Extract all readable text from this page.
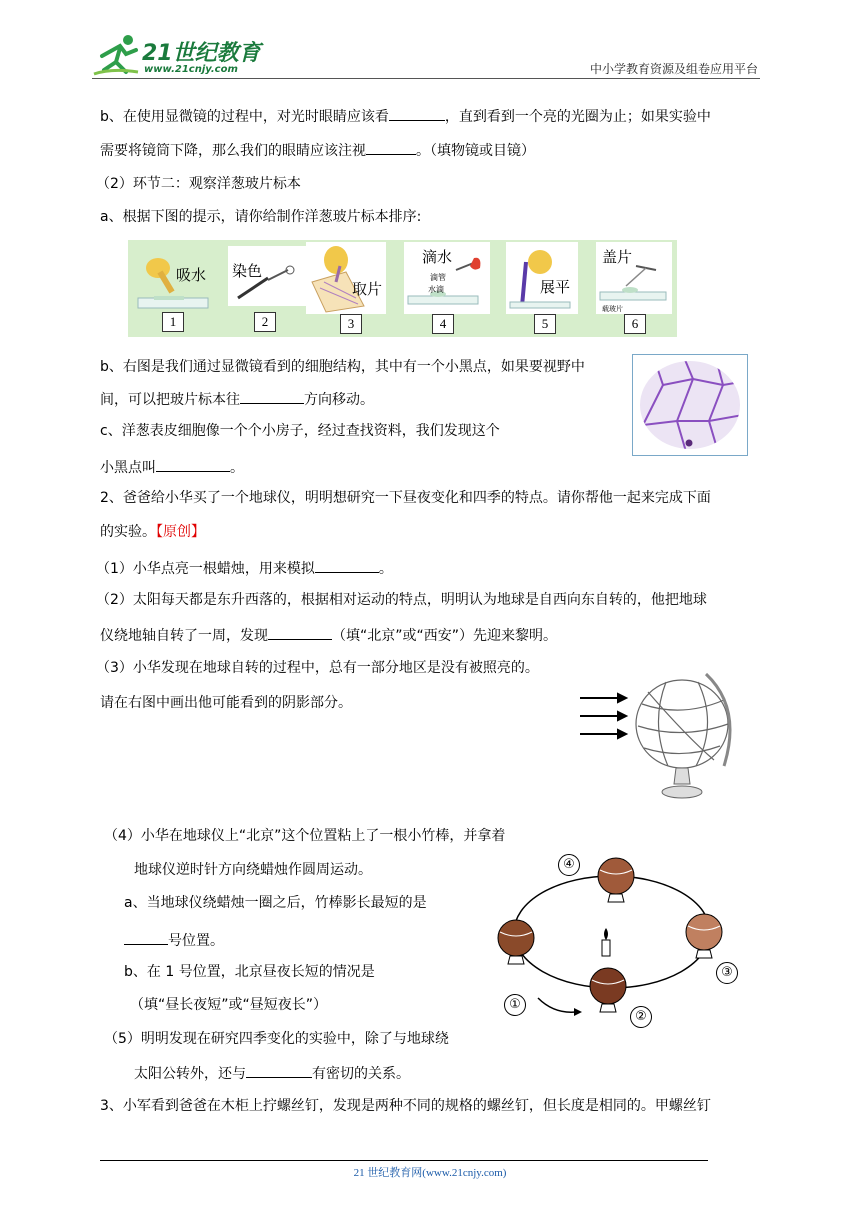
21世纪教育
www.21cnjy.com	中小学教育资源及组卷应用平台
b、在使用显微镜的过程中，对光时眼睛应该看	，直到看到一个亮的光圈为止；如果实验中
需要将镜筒下降，那么我们的眼睛应该注视	。（填物镜或目镜）
（2）环节二：观察洋葱玻片标本
a、根据下图的提示，请你给制作洋葱玻片标本排序:
吸水
1
染色
2
取片
3
滴水
滴管
水滴
4
展平
5
盖片
载玻片
6
b、右图是我们通过显微镜看到的细胞结构，其中有一个小黑点，如果要视野中
间，可以把玻片标本往	方向移动。
c、洋葱表皮细胞像一个个小房子，经过查找资料，我们发现这个
小黑点叫	。
2、爸爸给小华买了一个地球仪，明明想研究一下昼夜变化和四季的特点。请你帮他一起来完成下面
的实验。【原创】
（1）小华点亮一根蜡烛，用来模拟	。
（2）太阳每天都是东升西落的，根据相对运动的特点，明明认为地球是自西向东自转的，他把地球
仪绕地轴自转了一周，发现	（填“北京”或“西安”）先迎来黎明。
（3）小华发现在地球自转的过程中，总有一部分地区是没有被照亮的。
请在右图中画出他可能看到的阴影部分。
（4）小华在地球仪上“北京”这个位置粘上了一根小竹棒，并拿着
地球仪逆时针方向绕蜡烛作圆周运动。
a、当地球仪绕蜡烛一圈之后，竹棒影长最短的是
号位置。
b、在 1 号位置，北京昼夜长短的情况是
（填“昼长夜短”或“昼短夜长”）
④
①
③
②
（5）明明发现在研究四季变化的实验中，除了与地球绕
太阳公转外，还与	有密切的关系。
3、小军看到爸爸在木柜上拧螺丝钉，发现是两种不同的规格的螺丝钉，但长度是相同的。甲螺丝钉
21 世纪教育网(www.21cnjy.com)
